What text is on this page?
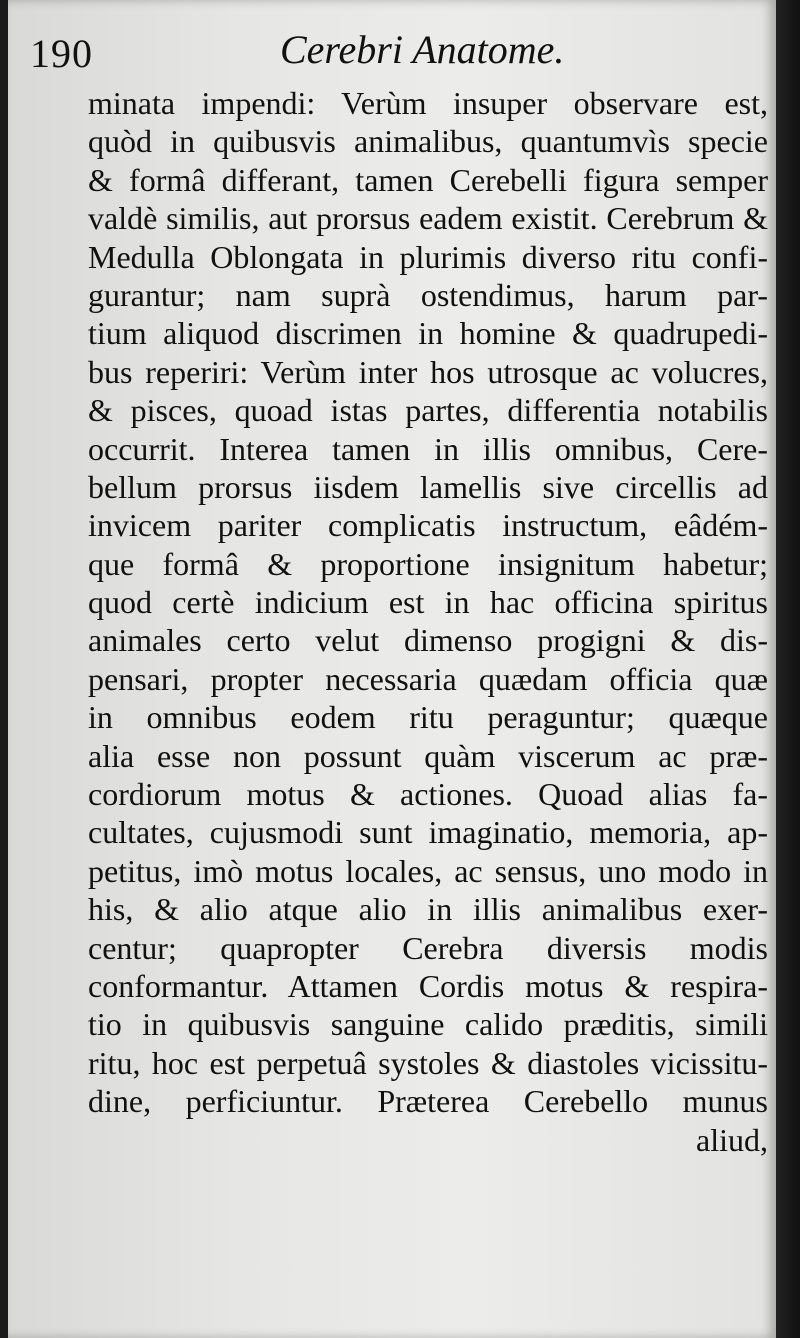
190	Cerebri Anatome.
minata impendi: Verùm insuper observare est,
quòd in quibusvis animalibus, quantumvìs specie
& formâ differant, tamen Cerebelli figura semper
valdè similis, aut prorsus eadem existit. Cerebrum &
Medulla Oblongata in plurimis diverso ritu confi-
gurantur; nam suprà ostendimus, harum par-
tium aliquod discrimen in homine & quadrupedi-
bus reperiri: Verùm inter hos utrosque ac volucres,
& pisces, quoad istas partes, differentia notabilis
occurrit. Interea tamen in illis omnibus, Cere-
bellum prorsus iisdem lamellis sive circellis ad
invicem pariter complicatis instructum, eâdém-
que formâ & proportione insignitum habetur;
quod certè indicium est in hac officina spiritus
animales certo velut dimenso progigni & dis-
pensari, propter necessaria quædam officia quæ
in omnibus eodem ritu peraguntur; quæque
alia esse non possunt quàm viscerum ac præ-
cordiorum motus & actiones. Quoad alias fa-
cultates, cujusmodi sunt imaginatio, memoria, ap-
petitus, imò motus locales, ac sensus, uno modo in
his, & alio atque alio in illis animalibus exer-
centur; quapropter Cerebra diversis modis
conformantur. Attamen Cordis motus & respira-
tio in quibusvis sanguine calido præditis, simili
ritu, hoc est perpetuâ systoles & diastoles vicissitu-
dine, perficiuntur. Præterea Cerebello munus
aliud,
